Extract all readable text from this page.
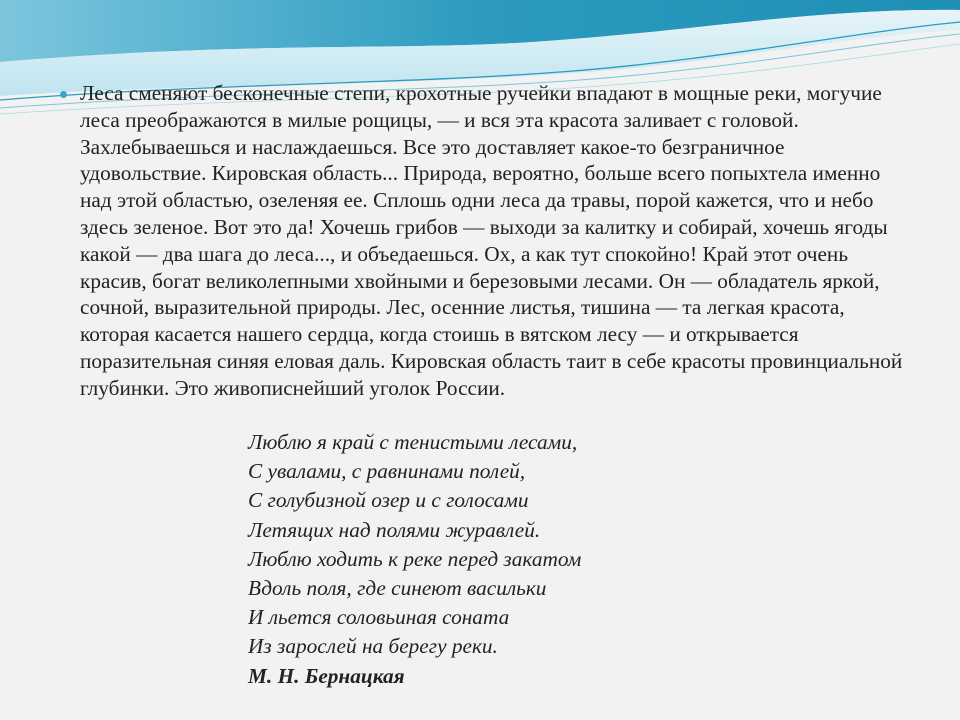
Леса сменяют бесконечные степи, крохотные ручейки впадают в мощные реки, могучие леса преображаются в милые рощицы, — и вся эта красота заливает с головой. Захлебываешься и наслаждаешься. Все это доставляет какое-то безграничное удовольствие. Кировская область... Природа, вероятно, больше всего попыхтела именно над этой областью, озеленяя ее. Сплошь одни леса да травы, порой кажется, что и небо здесь зеленое. Вот это да! Хочешь грибов — выходи за калитку и собирай, хочешь ягоды какой — два шага до леса..., и объедаешься. Ох, а как тут спокойно! Край этот очень красив, богат великолепными хвойными и березовыми лесами. Он — обладатель яркой, сочной, выразительной природы. Лес, осенние листья, тишина — та легкая красота, которая касается нашего сердца, когда стоишь в вятском лесу — и открывается поразительная синяя еловая даль. Кировская область таит в себе красоты провинциальной глубинки. Это живописнейший уголок России.

Люблю я край с тенистыми лесами,
С увалами, с равнинами полей,
С голубизной озер и с голосами
Летящих над полями журавлей.
Люблю ходить к реке перед закатом
Вдоль поля, где синеют васильки
И льется соловьиная соната
Из зарослей на берегу реки.
М. Н. Бернацкая
